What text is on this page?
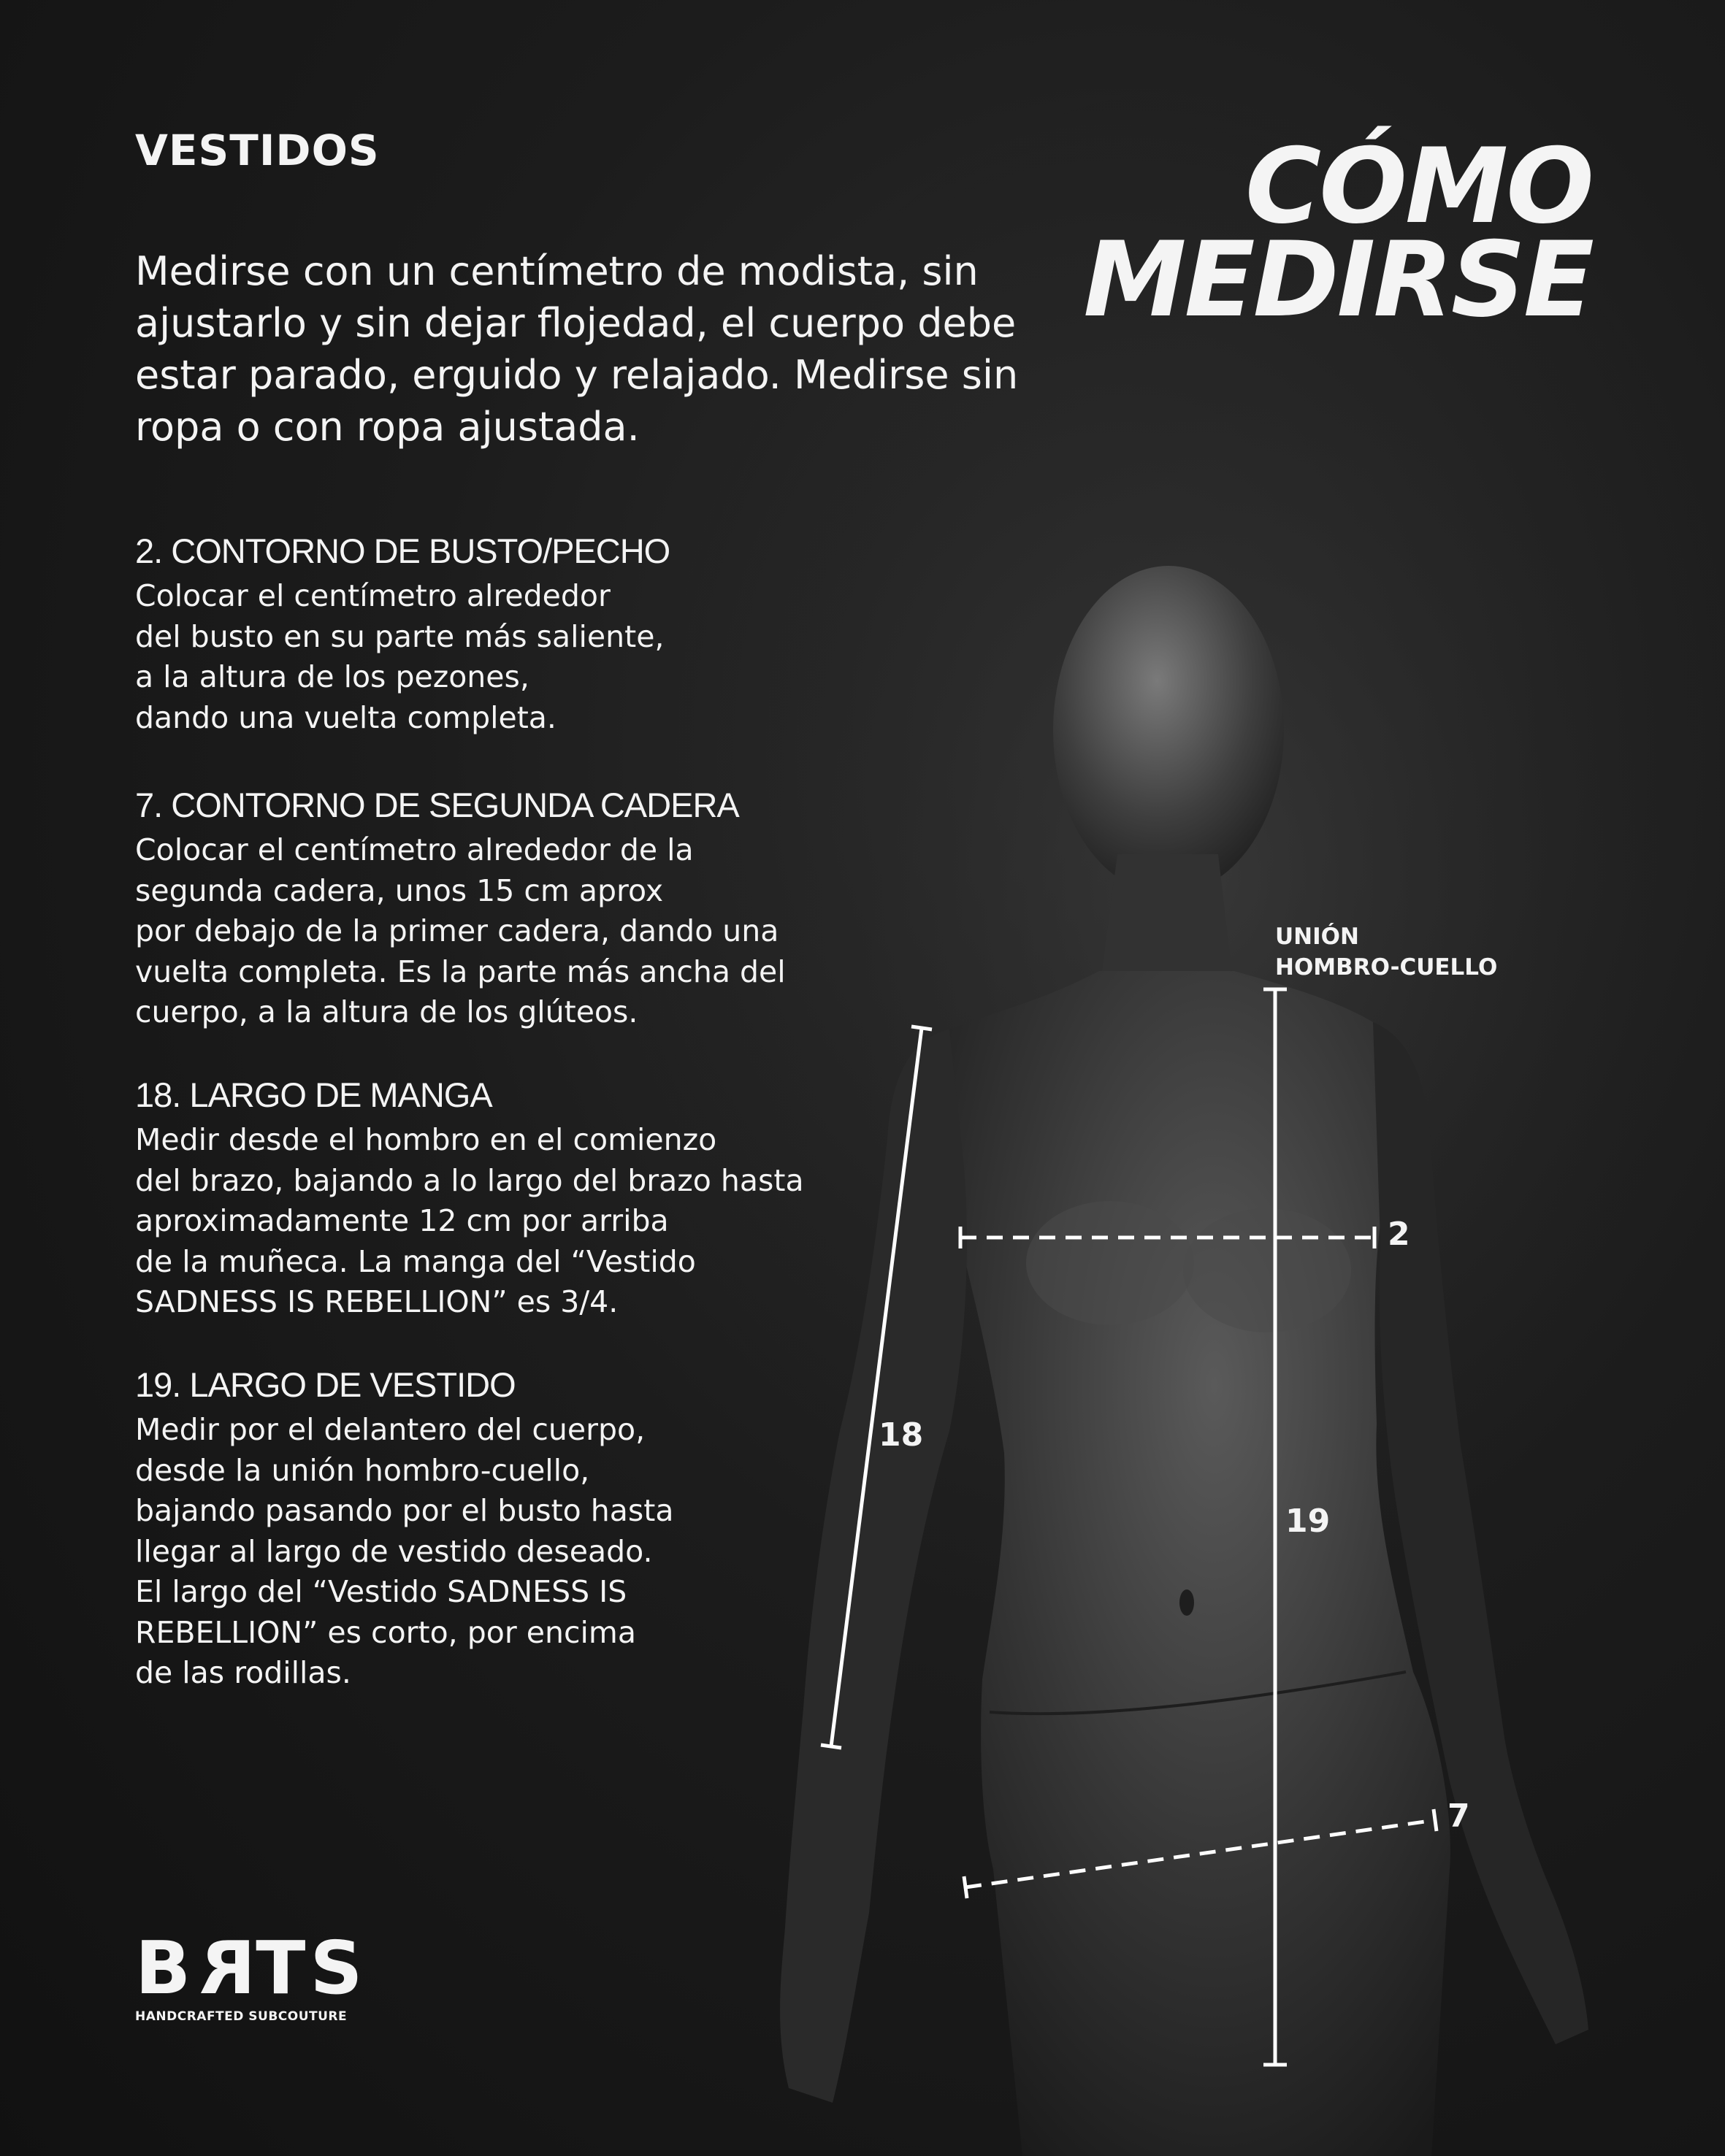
VESTIDOS	CÓMO
MEDIRSE
Medirse con un centímetro de modista, sin ajustarlo y sin dejar flojedad, el cuerpo debe estar parado, erguido y relajado. Medirse sin ropa o con ropa ajustada.
2. CONTORNO DE BUSTO/PECHO

Colocar el centímetro alrededor
del busto en su parte más saliente,
a la altura de los pezones,
dando una vuelta completa.

7. CONTORNO DE SEGUNDA CADERA

Colocar el centímetro alrededor de la
segunda cadera, unos 15 cm aprox
por debajo de la primer cadera, dando una
vuelta completa. Es la parte más ancha del
cuerpo, a la altura de los glúteos.

18. LARGO DE MANGA

Medir desde el hombro en el comienzo
del brazo, bajando a lo largo del brazo hasta
aproximadamente 12 cm por arriba
de la muñeca. La manga del “Vestido
SADNESS IS REBELLION” es 3/4.

19. LARGO DE VESTIDO

Medir por el delantero del cuerpo,
desde la unión hombro-cuello,
bajando pasando por el busto hasta
llegar al largo de vestido deseado.
El largo del “Vestido SADNESS IS
REBELLION” es corto, por encima
de las rodillas.

UNIÓN
HOMBRO-CUELLO
2
7
18
19
BRTS
HANDCRAFTED SUBCOUTURE
